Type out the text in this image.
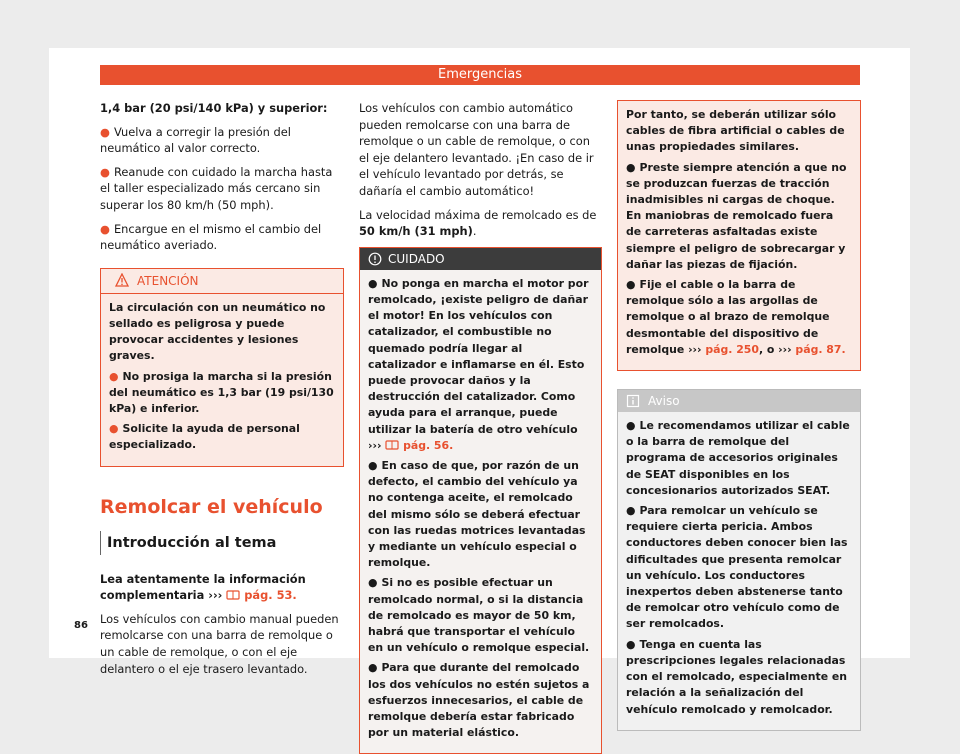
Emergencias

1,4 bar (20 psi/140 kPa) y superior:

● Vuelva a corregir la presión del neumático al valor correcto.

● Reanude con cuidado la marcha hasta el taller especializado más cercano sin superar los 80 km/h (50 mph).

● Encargue en el mismo el cambio del neumático averiado.

ATENCIÓN

La circulación con un neumático no sellado es peligrosa y puede provocar accidentes y lesiones graves.

● No prosiga la marcha si la presión del neumático es 1,3 bar (19 psi/130 kPa) e inferior.

● Solicite la ayuda de personal especializado.

Remolcar el vehículo
Introducción al tema

Lea atentamente la información complementaria ››› pág. 53.

Los vehículos con cambio manual pueden remolcarse con una barra de remolque o un cable de remolque, o con el eje delantero o el eje trasero levantado.

Los vehículos con cambio automático pueden remolcarse con una barra de remolque o un cable de remolque, o con el eje delantero levantado. ¡En caso de ir el vehículo levantado por detrás, se dañaría el cambio automático!

La velocidad máxima de remolcado es de 50 km/h (31 mph).

CUIDADO

● No ponga en marcha el motor por remolcado, ¡existe peligro de dañar el motor! En los vehículos con catalizador, el combustible no quemado podría llegar al catalizador e inflamarse en él. Esto puede provocar daños y la destrucción del catalizador. Como ayuda para el arranque, puede utilizar la batería de otro vehículo ››› pág. 56.

● En caso de que, por razón de un defecto, el cambio del vehículo ya no contenga aceite, el remolcado del mismo sólo se deberá efectuar con las ruedas motrices levantadas y mediante un vehículo especial o remolque.

● Si no es posible efectuar un remolcado normal, o si la distancia de remolcado es mayor de 50 km, habrá que transportar el vehículo en un vehículo o remolque especial.

● Para que durante del remolcado los dos vehículos no estén sujetos a esfuerzos innecesarios, el cable de remolque debería estar fabricado por un material elástico.

Por tanto, se deberán utilizar sólo cables de fibra artificial o cables de unas propiedades similares.

● Preste siempre atención a que no se produzcan fuerzas de tracción inadmisibles ni cargas de choque. En maniobras de remolcado fuera de carreteras asfaltadas existe siempre el peligro de sobrecargar y dañar las piezas de fijación.

● Fije el cable o la barra de remolque sólo a las argollas de remolque o al brazo de remolque desmontable del dispositivo de remolque ››› pág. 250, o ››› pág. 87.

Aviso

● Le recomendamos utilizar el cable o la barra de remolque del programa de accesorios originales de SEAT disponibles en los concesionarios autorizados SEAT.

● Para remolcar un vehículo se requiere cierta pericia. Ambos conductores deben conocer bien las dificultades que presenta remolcar un vehículo. Los conductores inexpertos deben abstenerse tanto de remolcar otro vehículo como de ser remolcados.

● Tenga en cuenta las prescripciones legales relacionadas con el remolcado, especialmente en relación a la señalización del vehículo remolcado y remolcador.

86
